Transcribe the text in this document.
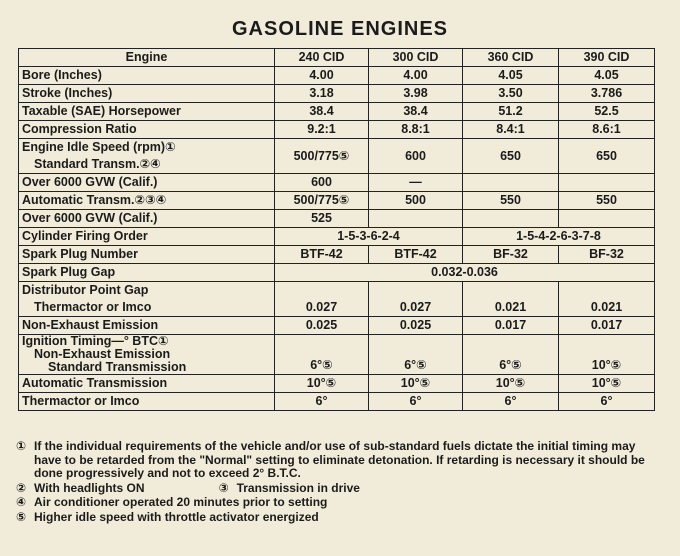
GASOLINE ENGINES
Engine	240 CID	300 CID	360 CID	390 CID
Bore (Inches)	4.00	4.00	4.05	4.05
Stroke (Inches)	3.18	3.98	3.50	3.786
Taxable (SAE) Horsepower	38.4	38.4	51.2	52.5
Compression Ratio	9.2:1	8.8:1	8.4:1	8.6:1

Engine Idle Speed (rpm)①
Standard Transm.②④	500/775⑤	600	650	650
Over 6000 GVW (Calif.)	600	—		
Automatic Transm.②③④	500/775⑤	500	550	550
Over 6000 GVW (Calif.)	525			
Cylinder Firing Order	1-5-3-6-2-4		1-5-4-2-6-3-7-8	
Spark Plug Number	BTF-42	BTF-42	BF-32	BF-32
Spark Plug Gap	0.032-0.036			

Distributor Point Gap
Thermactor or Imco	0.027	0.027	0.021	0.021
Non-Exhaust Emission	0.025	0.025	0.017	0.017

Ignition Timing—° BTC①
Non-Exhaust Emission
Standard Transmission	6°⑤	6°⑤	6°⑤	10°⑤
Automatic Transmission	10°⑤	10°⑤	10°⑤	10°⑤
Thermactor or Imco	6°	6°	6°	6°
① If the individual requirements of the vehicle and/or use of sub-standard fuels dictate the initial timing may have to be retarded from the "Normal" setting to eliminate detonation. If retarding is necessary it should be done progressively and not to exceed 2° B.T.C.
② With headlights ON	③ Transmission in drive
④ Air conditioner operated 20 minutes prior to setting
⑤ Higher idle speed with throttle activator energized
